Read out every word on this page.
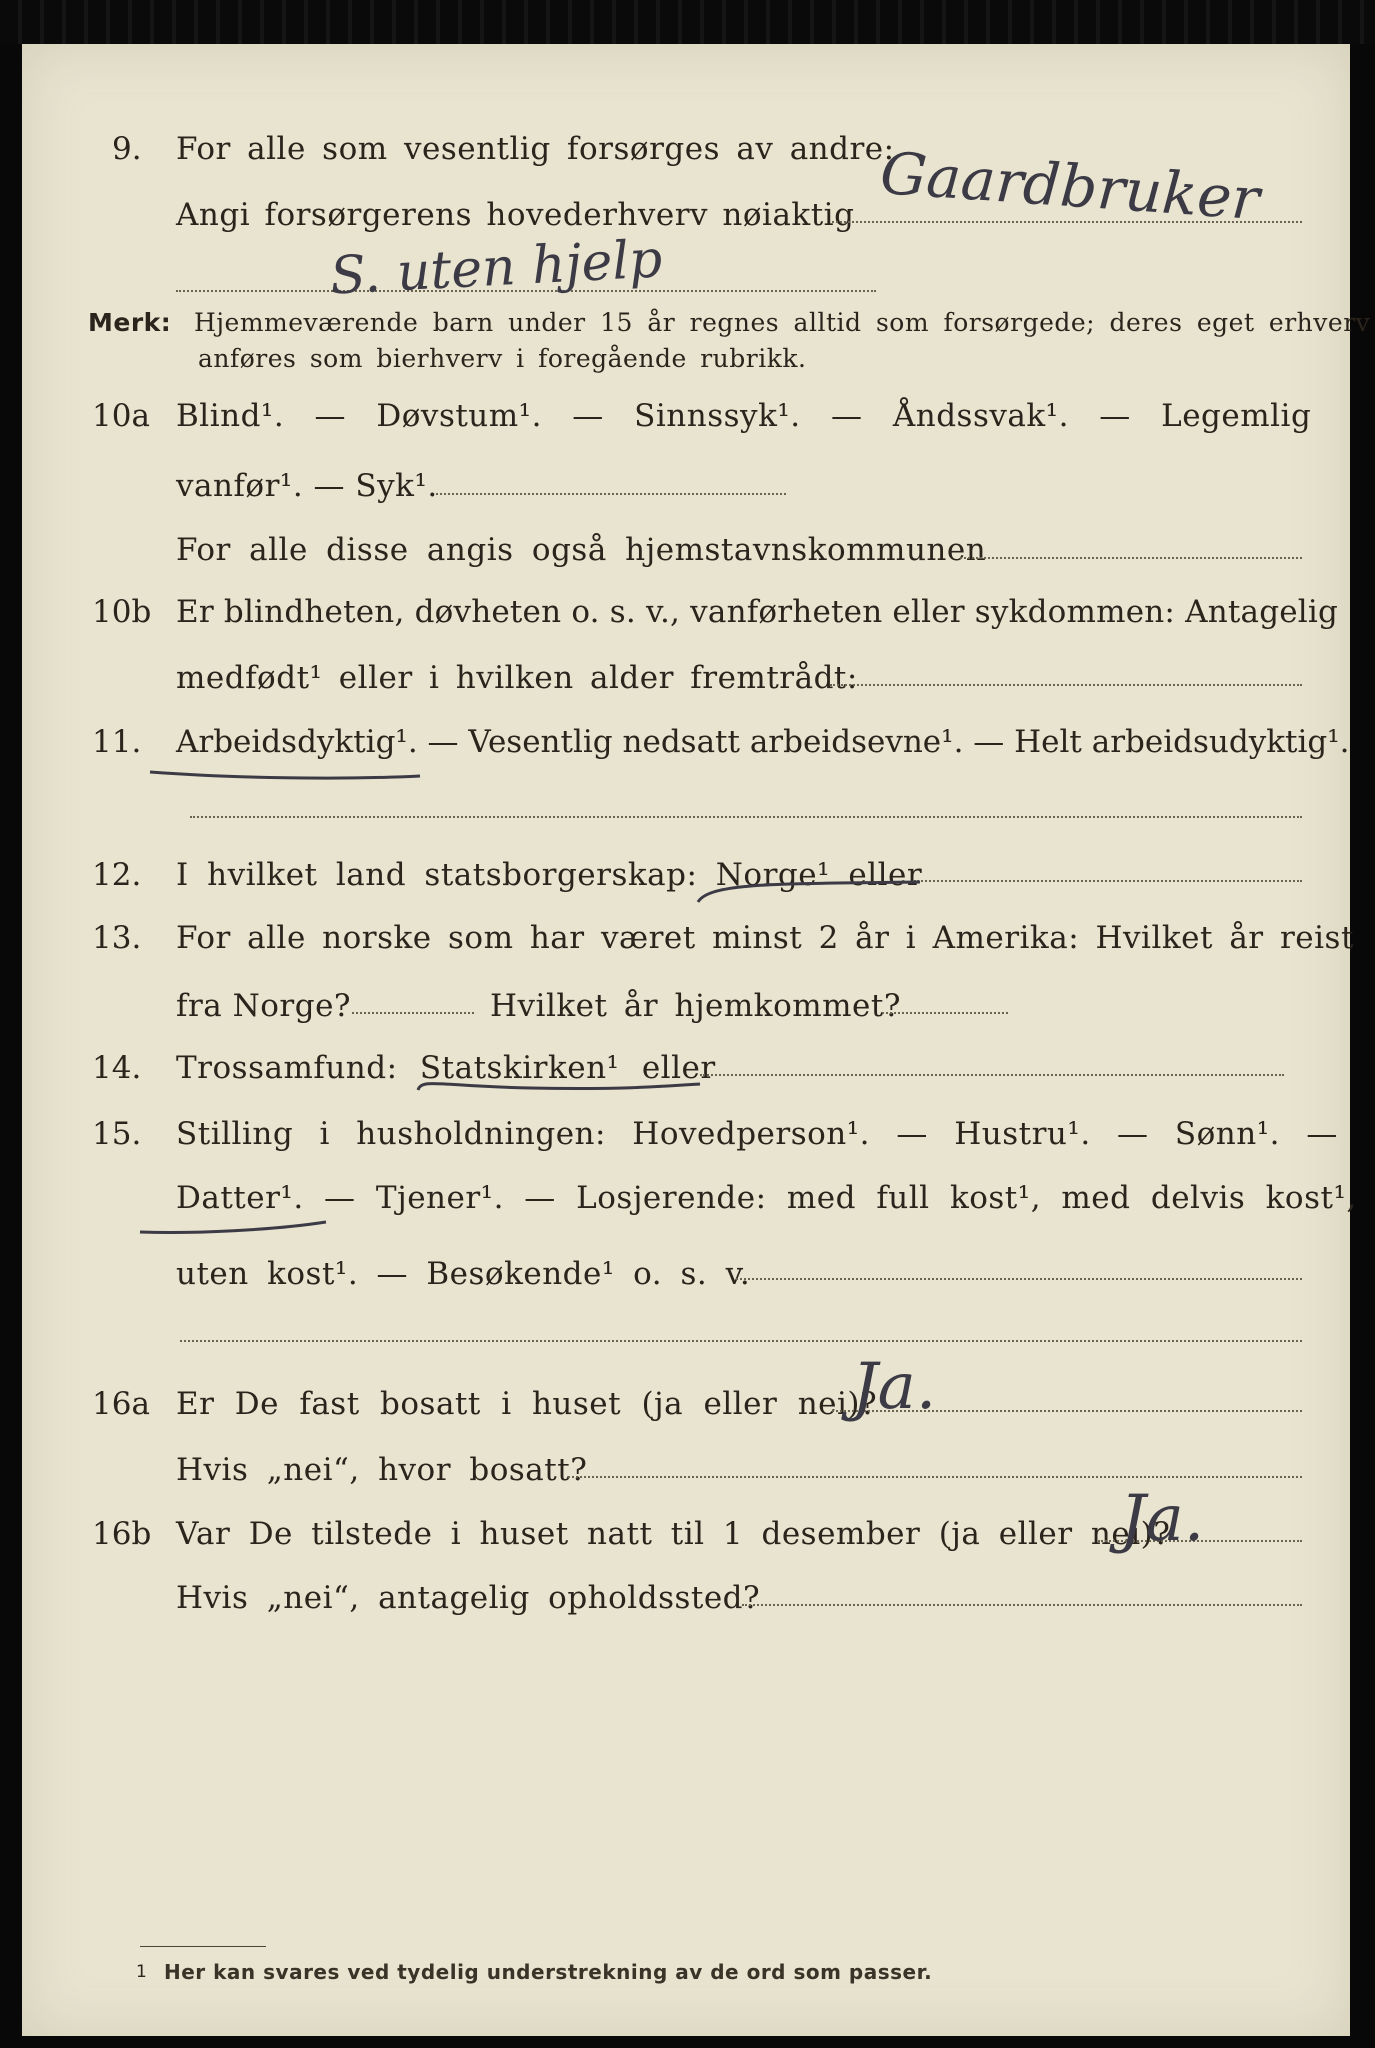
9. For alle som vesentlig forsørges av andre:
Angi forsørgerens hovederhverv nøiaktig Gaardbruker
S. uten hjelp
Merk: Hjemmeværende barn under 15 år regnes alltid som forsørgede; deres eget erhverv
anføres som bierhverv i foregående rubrikk.
10a Blind¹. — Døvstum¹. — Sinnssyk¹. — Åndssvak¹. — Legemlig
vanfør¹. — Syk¹.
For alle disse angis også hjemstavnskommunen
10b Er blindheten, døvheten o. s. v., vanførheten eller sykdommen: Antagelig
medfødt¹ eller i hvilken alder fremtrådt:
11. Arbeidsdyktig¹. — Vesentlig nedsatt arbeidsevne¹. — Helt arbeidsudyktig¹.
12. I hvilket land statsborgerskap: Norge¹ eller
13. For alle norske som har været minst 2 år i Amerika: Hvilket år reist
fra Norge?	Hvilket år hjemkommet?
14. Trossamfund: Statskirken¹ eller
15. Stilling i husholdningen: Hovedperson¹. — Hustru¹. — Sønn¹. —
Datter¹. — Tjener¹. — Losjerende: med full kost¹, med delvis kost¹,
uten kost¹. — Besøkende¹ o. s. v.
16a Er De fast bosatt i huset (ja eller nei)?
Ja.
Hvis „nei“, hvor bosatt?
16b Var De tilstede i huset natt til 1 desember (ja eller nei)?
Ja.
Hvis „nei“, antagelig opholdssted?
1 Her kan svares ved tydelig understrekning av de ord som passer.
